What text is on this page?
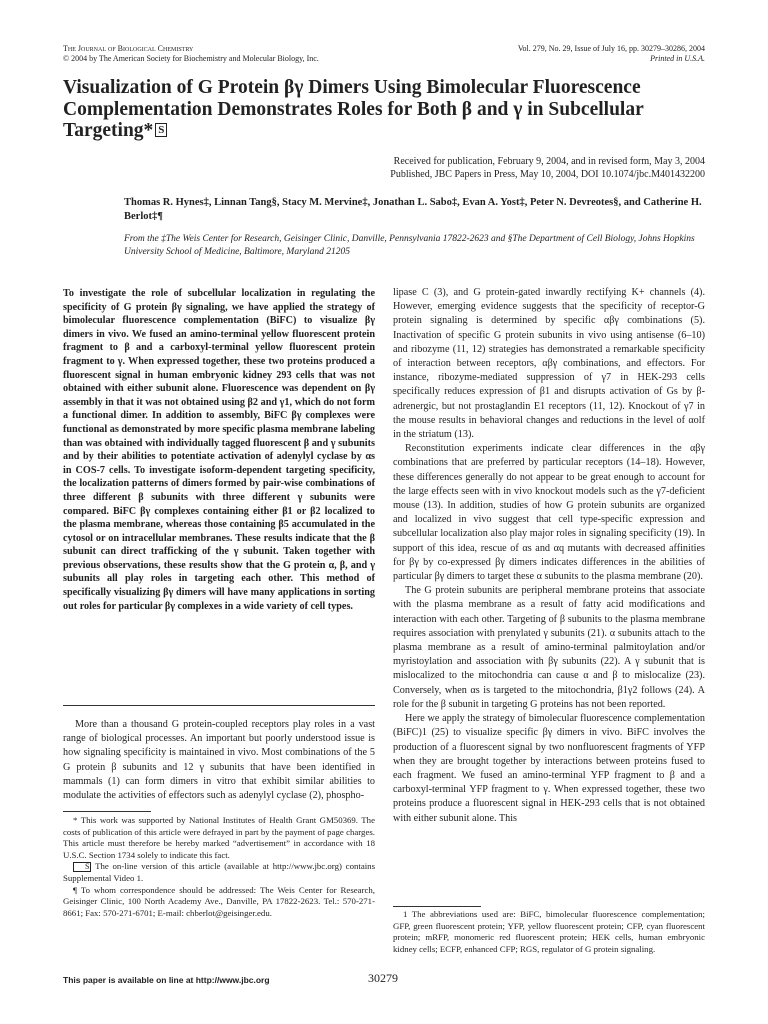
The Journal of Biological Chemistry
© 2004 by The American Society for Biochemistry and Molecular Biology, Inc.
Vol. 279, No. 29, Issue of July 16, pp. 30279–30286, 2004
Printed in U.S.A.
Visualization of G Protein βγ Dimers Using Bimolecular Fluorescence Complementation Demonstrates Roles for Both β and γ in Subcellular Targeting* S
Received for publication, February 9, 2004, and in revised form, May 3, 2004
Published, JBC Papers in Press, May 10, 2004, DOI 10.1074/jbc.M401432200
Thomas R. Hynes‡, Linnan Tang§, Stacy M. Mervine‡, Jonathan L. Sabo‡, Evan A. Yost‡, Peter N. Devreotes§, and Catherine H. Berlot‡¶
From the ‡The Weis Center for Research, Geisinger Clinic, Danville, Pennsylvania 17822-2623 and §The Department of Cell Biology, Johns Hopkins University School of Medicine, Baltimore, Maryland 21205
To investigate the role of subcellular localization in regulating the specificity of G protein βγ signaling, we have applied the strategy of bimolecular fluorescence complementation (BiFC) to visualize βγ dimers in vivo. We fused an amino-terminal yellow fluorescent protein fragment to β and a carboxyl-terminal yellow fluorescent protein fragment to γ. When expressed together, these two proteins produced a fluorescent signal in human embryonic kidney 293 cells that was not obtained with either subunit alone. Fluorescence was dependent on βγ assembly in that it was not obtained using β2 and γ1, which do not form a functional dimer. In addition to assembly, BiFC βγ complexes were functional as demonstrated by more specific plasma membrane labeling than was obtained with individually tagged fluorescent β and γ subunits and by their abilities to potentiate activation of adenylyl cyclase by αs in COS-7 cells. To investigate isoform-dependent targeting specificity, the localization patterns of dimers formed by pair-wise combinations of three different β subunits with three different γ subunits were compared. BiFC βγ complexes containing either β1 or β2 localized to the plasma membrane, whereas those containing β5 accumulated in the cytosol or on intracellular membranes. These results indicate that the β subunit can direct trafficking of the γ subunit. Taken together with previous observations, these results show that the G protein α, β, and γ subunits all play roles in targeting each other. This method of specifically visualizing βγ dimers will have many applications in sorting out roles for particular βγ complexes in a wide variety of cell types.

More than a thousand G protein-coupled receptors play roles in a vast range of biological processes. An important but poorly understood issue is how signaling specificity is maintained in vivo. Most combinations of the 5 G protein β subunits and 12 γ subunits that have been identified in mammals (1) can form dimers in vitro that exhibit similar abilities to modulate the activities of effectors such as adenylyl cyclase (2), phospho-

* This work was supported by National Institutes of Health Grant GM50369. The costs of publication of this article were defrayed in part by the payment of page charges. This article must therefore be hereby marked “advertisement” in accordance with 18 U.S.C. Section 1734 solely to indicate this fact.

S The on-line version of this article (available at http://www.jbc.org) contains Supplemental Video 1.

¶ To whom correspondence should be addressed: The Weis Center for Research, Geisinger Clinic, 100 North Academy Ave., Danville, PA 17822-2623. Tel.: 570-271-8661; Fax: 570-271-6701; E-mail: chberlot@geisinger.edu.

lipase C (3), and G protein-gated inwardly rectifying K+ channels (4). However, emerging evidence suggests that the specificity of receptor-G protein signaling is determined by specific αβγ combinations (5). Inactivation of specific G protein subunits in vivo using antisense (6–10) and ribozyme (11, 12) strategies has demonstrated a remarkable specificity of interaction between receptors, αβγ combinations, and effectors. For instance, ribozyme-mediated suppression of γ7 in HEK-293 cells specifically reduces expression of β1 and disrupts activation of Gs by β-adrenergic, but not prostaglandin E1 receptors (11, 12). Knockout of γ7 in the mouse results in behavioral changes and reductions in the level of αolf in the striatum (13).

Reconstitution experiments indicate clear differences in the αβγ combinations that are preferred by particular receptors (14–18). However, these differences generally do not appear to be great enough to account for the large effects seen with in vivo knockout models such as the γ7-deficient mouse (13). In addition, studies of how G protein subunits are organized and localized in vivo suggest that cell type-specific expression and subcellular localization also play major roles in signaling specificity (19). In support of this idea, rescue of αs and αq mutants with decreased affinities for βγ by co-expressed βγ dimers indicates differences in the abilities of particular βγ dimers to target these α subunits to the plasma membrane (20).

The G protein subunits are peripheral membrane proteins that associate with the plasma membrane as a result of fatty acid modifications and interaction with each other. Targeting of β subunits to the plasma membrane requires association with prenylated γ subunits (21). α subunits attach to the plasma membrane as a result of amino-terminal palmitoylation and/or myristoylation and association with βγ subunits (22). A γ subunit that is mislocalized to the mitochondria can cause α and β to mislocalize (23). Conversely, when αs is targeted to the mitochondria, β1γ2 follows (24). A role for the β subunit in targeting G proteins has not been reported.

Here we apply the strategy of bimolecular fluorescence complementation (BiFC)1 (25) to visualize specific βγ dimers in vivo. BiFC involves the production of a fluorescent signal by two nonfluorescent fragments of YFP when they are brought together by interactions between proteins fused to each fragment. We fused an amino-terminal YFP fragment to β and a carboxyl-terminal YFP fragment to γ. When expressed together, these two proteins produce a fluorescent signal in HEK-293 cells that is not obtained with either subunit alone. This

1 The abbreviations used are: BiFC, bimolecular fluorescence complementation; GFP, green fluorescent protein; YFP, yellow fluorescent protein; CFP, cyan fluorescent protein; mRFP, monomeric red fluorescent protein; HEK cells, human embryonic kidney cells; ECFP, enhanced CFP; RGS, regulator of G protein signaling.

This paper is available on line at http://www.jbc.org	30279
